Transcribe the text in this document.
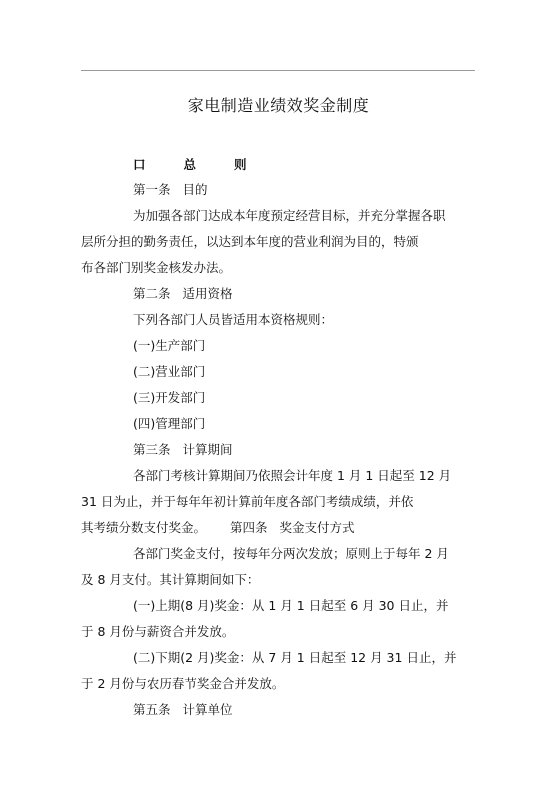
家电制造业绩效奖金制度
口	总	则
第一条 目的
为加强各部门达成本年度预定经营目标，并充分掌握各职
层所分担的勤务责任，以达到本年度的营业利润为目的，特颁
布各部门别奖金核发办法。
第二条 适用资格
下列各部门人员皆适用本资格规则：
(一)生产部门
(二)营业部门
(三)开发部门
(四)管理部门
第三条 计算期间
各部门考核计算期间乃依照会计年度 1 月 1 日起至 12 月
31 日为止，并于每年年初计算前年度各部门考绩成绩，并依
其考绩分数支付奖金。 第四条 奖金支付方式
各部门奖金支付，按每年分两次发放；原则上于每年 2 月
及 8 月支付。其计算期间如下：
(一)上期(8 月)奖金：从 1 月 1 日起至 6 月 30 日止，并
于 8 月份与薪资合并发放。
(二)下期(2 月)奖金：从 7 月 1 日起至 12 月 31 日止，并
于 2 月份与农历春节奖金合并发放。
第五条 计算单位
